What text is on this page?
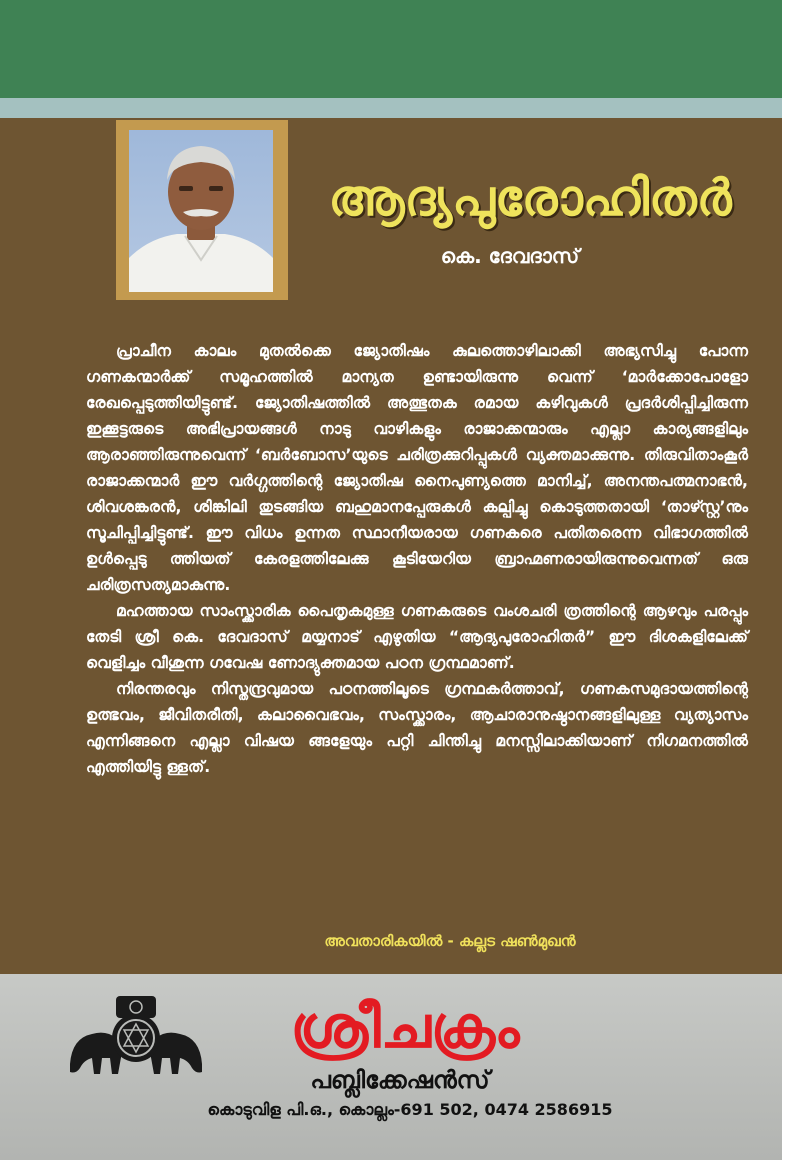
ആദ്യപുരോഹിതർ
കെ. ദേവദാസ്

പ്രാചീന കാലം മുതൽക്കെ ജ്യോതിഷം കുലത്തൊഴിലാക്കി അഭ്യസിച്ചു പോന്ന ഗണകന്മാർക്ക് സമൂഹത്തിൽ മാന്യത ഉണ്ടായിരുന്നു വെന്ന് ‘മാർക്കോപോളോ രേഖപ്പെടുത്തിയിട്ടുണ്ട്. ജ്യോതിഷത്തിൽ അത്ഭുതക രമായ കഴിവുകൾ പ്രദർശിപ്പിച്ചിരുന്ന ഇക്കൂട്ടരുടെ അഭിപ്രായങ്ങൾ നാടു വാഴികളും രാജാക്കന്മാരും എല്ലാ കാര്യങ്ങളിലും ആരാഞ്ഞിരുന്നുവെന്ന് ‘ബർബോസ’യുടെ ചരിത്രക്കുറിപ്പുകൾ വ്യക്തമാക്കുന്നു. തിരുവിതാംകൂർ രാജാക്കന്മാർ ഈ വർഗ്ഗത്തിന്റെ ജ്യോതിഷ നൈപുണ്യത്തെ മാനിച്ച്, അനന്തപത്മനാഭൻ, ശിവശങ്കരൻ, ശിങ്കിലി തുടങ്ങിയ ബഹുമാനപ്പേരുകൾ കല്പിച്ചു കൊടുത്തതായി ‘താഴ്സ്റ്റ’നും സൂചിപ്പിച്ചിട്ടുണ്ട്. ഈ വിധം ഉന്നത സ്ഥാനീയരായ ഗണകരെ പതിതരെന്ന വിഭാഗത്തിൽ ഉൾപ്പെടു ത്തിയത് കേരളത്തിലേക്കു കൂടിയേറിയ ബ്രാഹ്മണരായിരുന്നുവെന്നത് ഒരു ചരിത്രസത്യമാകുന്നു.

മഹത്തായ സാംസ്ക്കാരിക പൈതൃകമുള്ള ഗണകരുടെ വംശചരി ത്രത്തിന്റെ ആഴവും പരപ്പും തേടി ശ്രീ കെ. ദേവദാസ് മയ്യനാട് എഴുതിയ “ആദ്യപുരോഹിതർ” ഈ ദിശകളിലേക്ക് വെളിച്ചം വീശുന്ന ഗവേഷ ണോദ്യുക്തമായ പഠന ഗ്രന്ഥമാണ്.

നിരന്തരവും നിസ്തന്ദ്രവുമായ പഠനത്തിലൂടെ ഗ്രന്ഥകർത്താവ്, ഗണകസമുദായത്തിന്റെ ഉത്ഭവം, ജീവിതരീതി, കലാവൈഭവം, സംസ്ക്കാരം, ആചാരാനുഷ്ഠാനങ്ങളിലുള്ള വ്യത്യാസം എന്നിങ്ങനെ എല്ലാ വിഷയ ങ്ങളേയും പറ്റി ചിന്തിച്ചു മനസ്സിലാക്കിയാണ് നിഗമനത്തിൽ എത്തിയിട്ടു ള്ളത്.

അവതാരികയിൽ - കല്ലട ഷൺമുഖൻ
ശ്രീചക്രം
പബ്ലിക്കേഷൻസ്
കൊടുവിള പി.ഒ., കൊല്ലം-691 502, 0474 2586915
